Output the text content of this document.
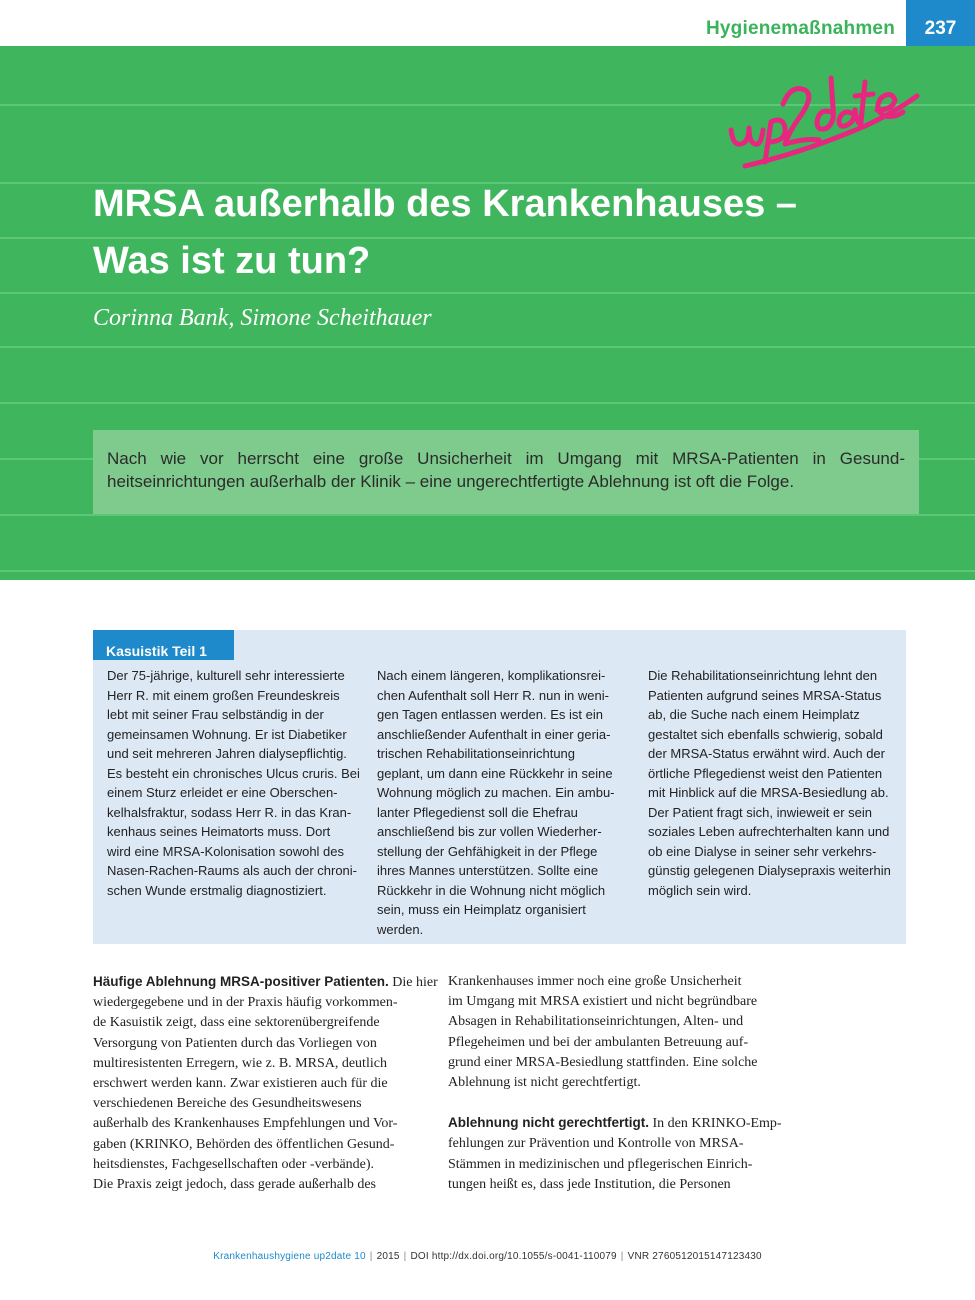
Hygienemaßnahmen	237
MRSA außerhalb des Krankenhauses –
Was ist zu tun?
Corinna Bank, Simone Scheithauer
Nach wie vor herrscht eine große Unsicherheit im Umgang mit MRSA-Patienten in Gesund-
heitseinrichtungen außerhalb der Klinik – eine ungerechtfertigte Ablehnung ist oft die Folge.
Kasuistik Teil 1
Der 75-jährige, kulturell sehr interessierte
Herr R. mit einem großen Freundeskreis
lebt mit seiner Frau selbständig in der
gemeinsamen Wohnung. Er ist Diabetiker
und seit mehreren Jahren dialysepflichtig.
Es besteht ein chronisches Ulcus cruris. Bei
einem Sturz erleidet er eine Oberschen-
kelhalsfraktur, sodass Herr R. in das Kran-
kenhaus seines Heimatorts muss. Dort
wird eine MRSA-Kolonisation sowohl des
Nasen-Rachen-Raums als auch der chroni-
schen Wunde erstmalig diagnostiziert.
Nach einem längeren, komplikationsrei-
chen Aufenthalt soll Herr R. nun in weni-
gen Tagen entlassen werden. Es ist ein
anschließender Aufenthalt in einer geria-
trischen Rehabilitationseinrichtung
geplant, um dann eine Rückkehr in seine
Wohnung möglich zu machen. Ein ambu-
lanter Pflegedienst soll die Ehefrau
anschließend bis zur vollen Wiederher-
stellung der Gehfähigkeit in der Pflege
ihres Mannes unterstützen. Sollte eine
Rückkehr in die Wohnung nicht möglich
sein, muss ein Heimplatz organisiert
werden.
Die Rehabilitationseinrichtung lehnt den
Patienten aufgrund seines MRSA-Status
ab, die Suche nach einem Heimplatz
gestaltet sich ebenfalls schwierig, sobald
der MRSA-Status erwähnt wird. Auch der
örtliche Pflegedienst weist den Patienten
mit Hinblick auf die MRSA-Besiedlung ab.
Der Patient fragt sich, inwieweit er sein
soziales Leben aufrechterhalten kann und
ob eine Dialyse in seiner sehr verkehrs-
günstig gelegenen Dialysepraxis weiterhin
möglich sein wird.
Häufige Ablehnung MRSA-positiver Patienten. Die hier
wiedergegebene und in der Praxis häufig vorkommen-
de Kasuistik zeigt, dass eine sektorenübergreifende
Versorgung von Patienten durch das Vorliegen von
multiresistenten Erregern, wie z. B. MRSA, deutlich
erschwert werden kann. Zwar existieren auch für die
verschiedenen Bereiche des Gesundheitswesens
außerhalb des Krankenhauses Empfehlungen und Vor-
gaben (KRINKO, Behörden des öffentlichen Gesund-
heitsdienstes, Fachgesellschaften oder -verbände).
Die Praxis zeigt jedoch, dass gerade außerhalb des
Krankenhauses immer noch eine große Unsicherheit
im Umgang mit MRSA existiert und nicht begründbare
Absagen in Rehabilitationseinrichtungen, Alten- und
Pflegeheimen und bei der ambulanten Betreuung auf-
grund einer MRSA-Besiedlung stattfinden. Eine solche
Ablehnung ist nicht gerechtfertigt.
Ablehnung nicht gerechtfertigt. In den KRINKO-Emp-
fehlungen zur Prävention und Kontrolle von MRSA-
Stämmen in medizinischen und pflegerischen Einrich-
tungen heißt es, dass jede Institution, die Personen
Krankenhaushygiene up2date 10 | 2015 | DOI http://dx.doi.org/10.1055/s-0041-110079 | VNR 2760512015147123430
